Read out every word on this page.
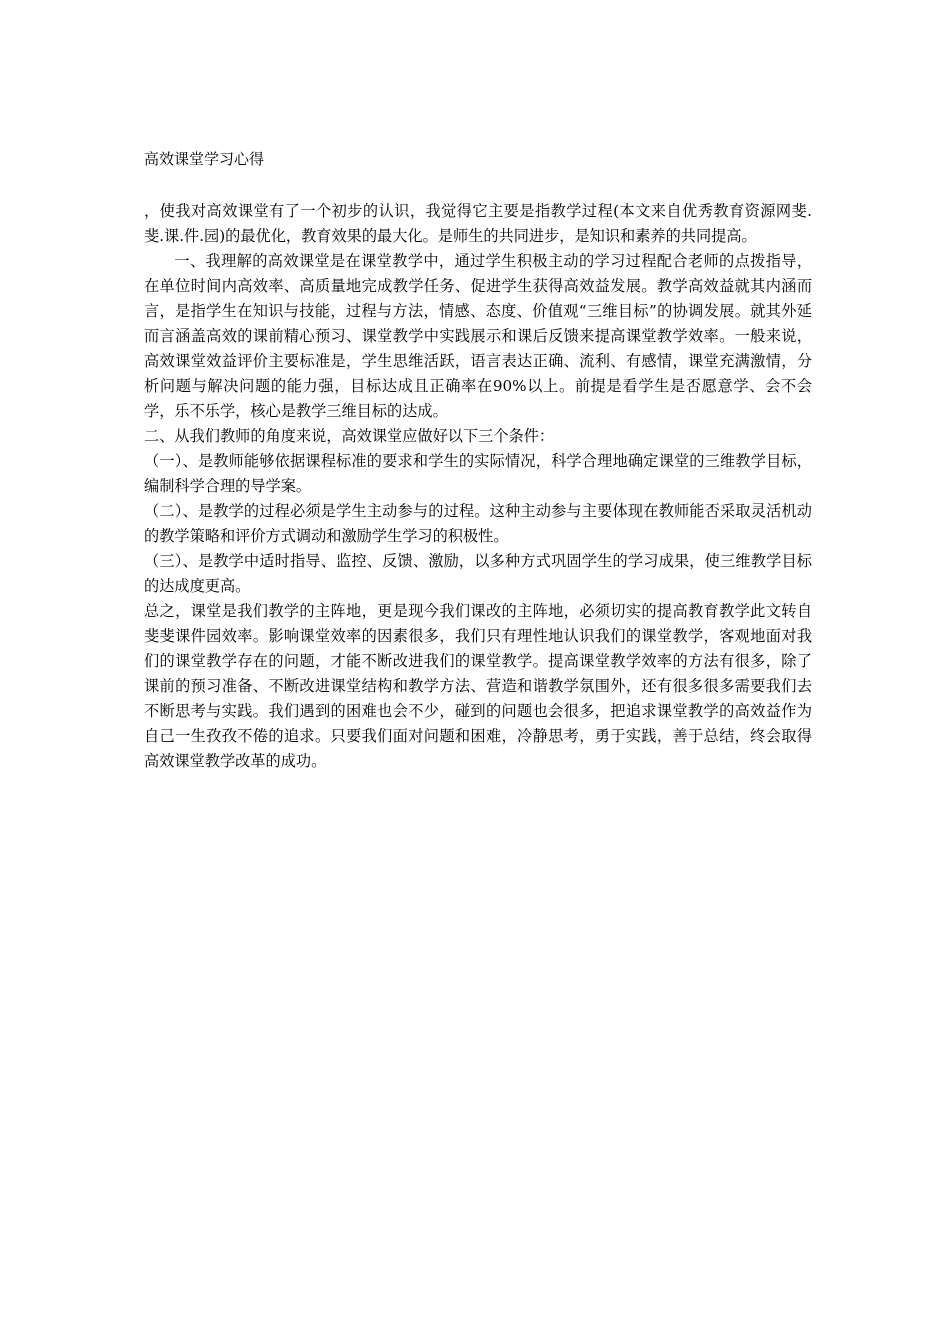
高效课堂学习心得

，使我对高效课堂有了一个初步的认识，我觉得它主要是指教学过程(本文来自优秀教育资源网斐.斐.课.件.园)的最优化，教育效果的最大化。是师生的共同进步，是知识和素养的共同提高。

一、我理解的高效课堂是在课堂教学中，通过学生积极主动的学习过程配合老师的点拨指导，在单位时间内高效率、高质量地完成教学任务、促进学生获得高效益发展。教学高效益就其内涵而言，是指学生在知识与技能，过程与方法，情感、态度、价值观“三维目标”的协调发展。就其外延而言涵盖高效的课前精心预习、课堂教学中实践展示和课后反馈来提高课堂教学效率。一般来说，高效课堂效益评价主要标准是，学生思维活跃，语言表达正确、流利、有感情，课堂充满激情，分析问题与解决问题的能力强，目标达成且正确率在90%以上。前提是看学生是否愿意学、会不会学，乐不乐学，核心是教学三维目标的达成。

二、从我们教师的角度来说，高效课堂应做好以下三个条件：

（一）、是教师能够依据课程标准的要求和学生的实际情况，科学合理地确定课堂的三维教学目标，编制科学合理的导学案。

（二）、是教学的过程必须是学生主动参与的过程。这种主动参与主要体现在教师能否采取灵活机动的教学策略和评价方式调动和激励学生学习的积极性。

（三）、是教学中适时指导、监控、反馈、激励，以多种方式巩固学生的学习成果，使三维教学目标的达成度更高。

总之，课堂是我们教学的主阵地，更是现今我们课改的主阵地，必须切实的提高教育教学此文转自斐斐课件园效率。影响课堂效率的因素很多，我们只有理性地认识我们的课堂教学，客观地面对我们的课堂教学存在的问题，才能不断改进我们的课堂教学。提高课堂教学效率的方法有很多，除了课前的预习准备、不断改进课堂结构和教学方法、营造和谐教学氛围外，还有很多很多需要我们去不断思考与实践。我们遇到的困难也会不少，碰到的问题也会很多，把追求课堂教学的高效益作为自己一生孜孜不倦的追求。只要我们面对问题和困难，冷静思考，勇于实践，善于总结，终会取得高效课堂教学改革的成功。
